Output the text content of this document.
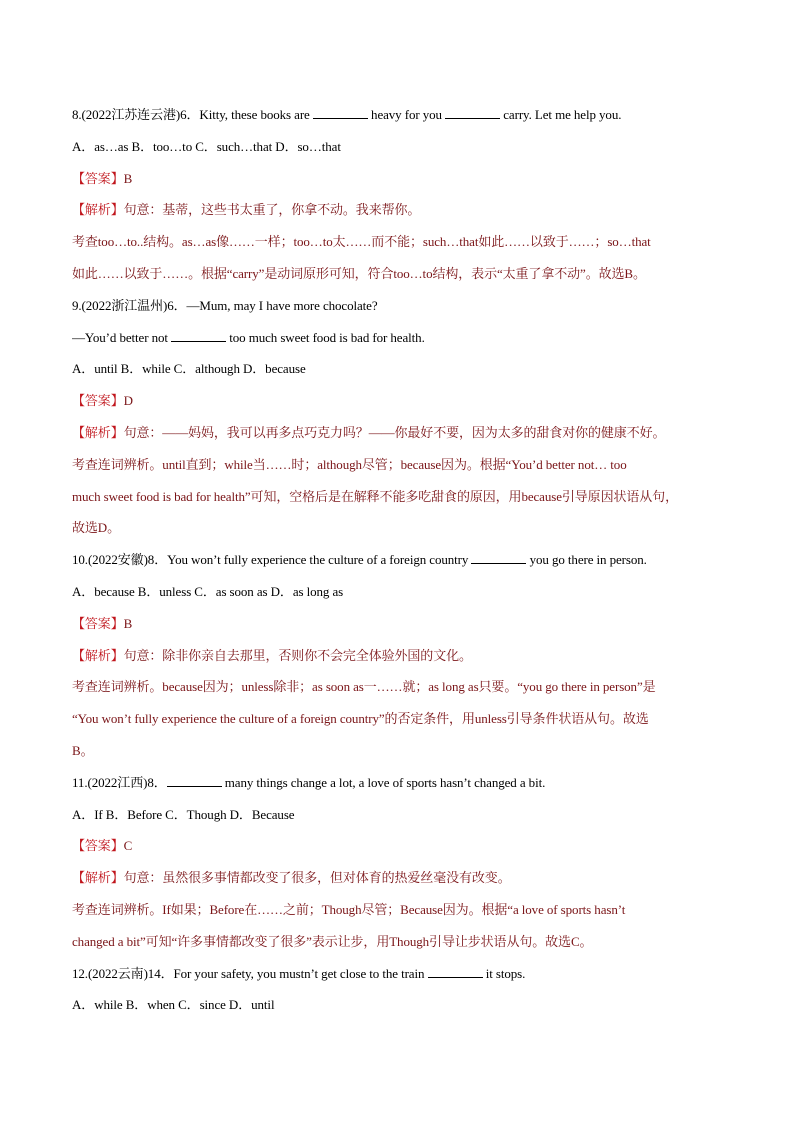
8.(2022江苏连云港)6．Kitty, these books are	heavy for you	carry. Let me help you.
A．as…as B．too…to C．such…that D．so…that
【答案】B
【解析】句意：基蒂，这些书太重了，你拿不动。我来帮你。
考查too…to..结构。as…as像……一样；too…to太……而不能；such…that如此……以致于……；so…that
如此……以致于……。根据“carry”是动词原形可知，符合too…to结构，表示“太重了拿不动”。故选B。
9.(2022浙江温州)6．—Mum, may I have more chocolate?
—You’d better not	too much sweet food is bad for health.
A．until B．while C．although D．because
【答案】D
【解析】句意：——妈妈，我可以再多点巧克力吗？——你最好不要，因为太多的甜食对你的健康不好。
考查连词辨析。until直到；while当……时；although尽管；because因为。根据“You’d better not… too
much sweet food is bad for health”可知，空格后是在解释不能多吃甜食的原因，用because引导原因状语从句，
故选D。
10.(2022安徽)8．You won’t fully experience the culture of a foreign country	you go there in person.
A．because B．unless C．as soon as D．as long as
【答案】B
【解析】句意：除非你亲自去那里，否则你不会完全体验外国的文化。
考查连词辨析。because因为；unless除非；as soon as一……就；as long as只要。“you go there in person”是
“You won’t fully experience the culture of a foreign country”的否定条件，用unless引导条件状语从句。故选
B。
11.(2022江西)8．	many things change a lot, a love of sports hasn’t changed a bit.
A．If B．Before C．Though D．Because
【答案】C
【解析】句意：虽然很多事情都改变了很多，但对体育的热爱丝毫没有改变。
考查连词辨析。If如果；Before在……之前；Though尽管；Because因为。根据“a love of sports hasn’t
changed a bit”可知“许多事情都改变了很多”表示让步，用Though引导让步状语从句。故选C。
12.(2022云南)14．For your safety, you mustn’t get close to the train	it stops.
A．while B．when C．since D．until
